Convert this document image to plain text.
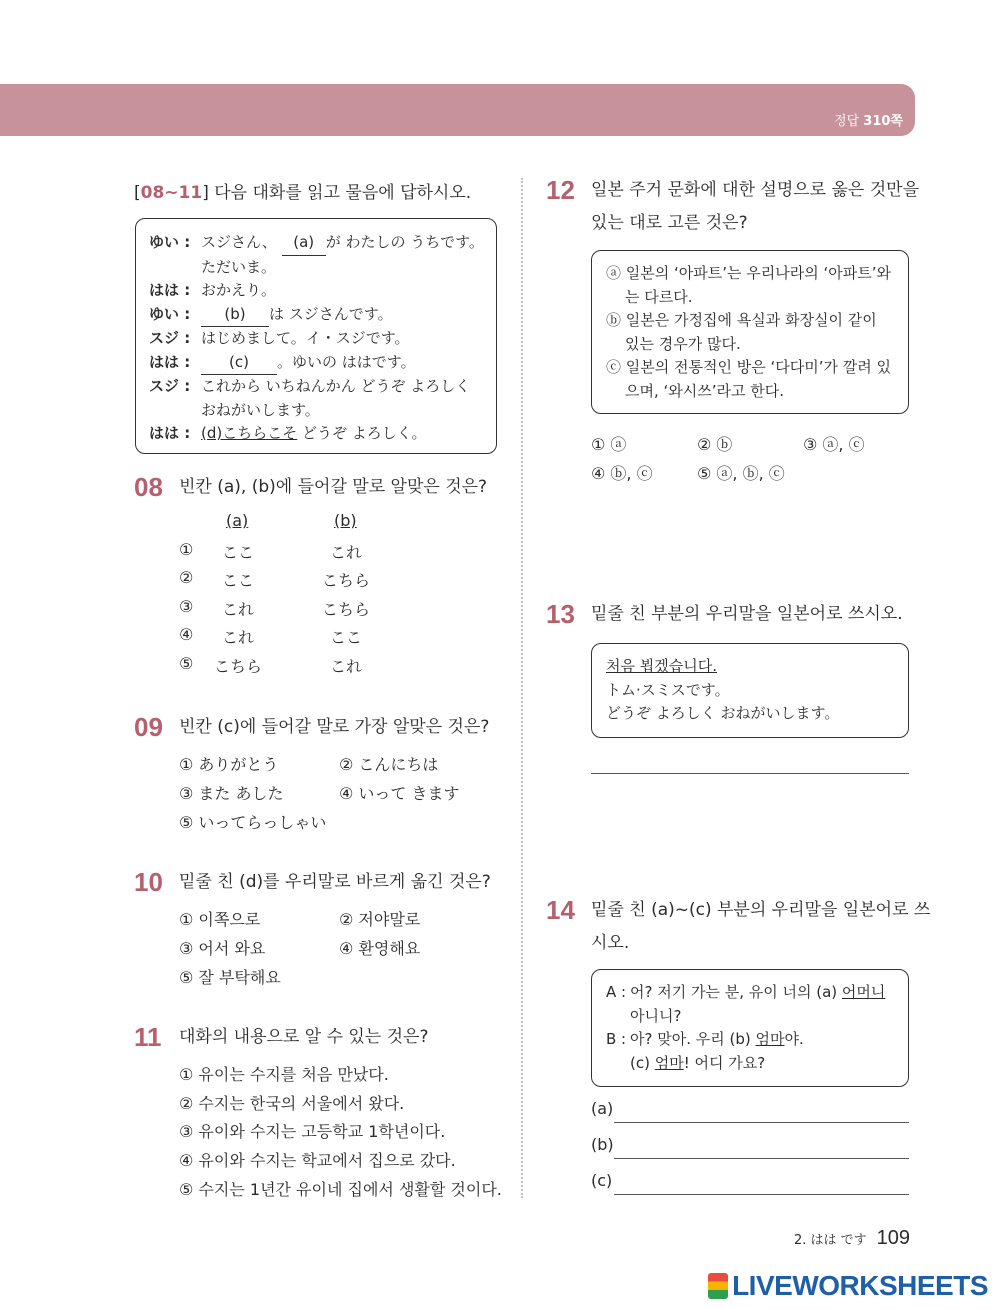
정답 310쪽
[08~11] 다음 대화를 읽고 물음에 답하시오.
ゆい : スジさん、 (a) が わたしの うちです。
ただいま。
はは : おかえり。
ゆい : (b) は スジさんです。
スジ : はじめまして。イ・スジです。
はは :	(c) 。ゆいの ははです。
スジ : これから いちねんかん どうぞ よろしく
おねがいします。
はは : (d)こちらこそ どうぞ よろしく。
08 빈칸 (a), (b)에 들어갈 말로 알맞은 것은?
(a)	(b)
① ここ	これ
② ここ	こちら
③ これ	こちら
④ これ	ここ
⑤ こちら	これ
09 빈칸 (c)에 들어갈 말로 가장 알맞은 것은?
① ありがとう	② こんにちは
③ また あした	④ いって きます
⑤ いってらっしゃい
10 밑줄 친 (d)를 우리말로 바르게 옮긴 것은?
① 이쪽으로	② 저야말로
③ 어서 와요	④ 환영해요
⑤ 잘 부탁해요
11 대화의 내용으로 알 수 있는 것은?
① 유이는 수지를 처음 만났다.
② 수지는 한국의 서울에서 왔다.
③ 유이와 수지는 고등학교 1학년이다.
④ 유이와 수지는 학교에서 집으로 갔다.
⑤ 수지는 1년간 유이네 집에서 생활할 것이다.
12 일본 주거 문화에 대한 설명으로 옳은 것만을
있는 대로 고른 것은?
ⓐ 일본의 ‘아파트’는 우리나라의 ‘아파트’와
는 다르다.
ⓑ 일본은 가정집에 욕실과 화장실이 같이
있는 경우가 많다.
ⓒ 일본의 전통적인 방은 ‘다다미’가 깔려 있
으며, ‘와시쓰’라고 한다.
① ⓐ	② ⓑ	③ ⓐ, ⓒ
④ ⓑ, ⓒ	⑤ ⓐ, ⓑ, ⓒ
13 밑줄 친 부분의 우리말을 일본어로 쓰시오.
처음 뵙겠습니다.
トム·スミスです。
どうぞ よろしく おねがいします。
14 밑줄 친 (a)~(c) 부분의 우리말을 일본어로 쓰
시오.
A : 어? 저기 가는 분, 유이 너의 (a) 어머니
아니니?
B : 아? 맞아. 우리 (b) 엄마야.
(c) 엄마! 어디 가요?
(a)
(b)
(c)
2. はは です 109
LIVEWORKSHEETS
